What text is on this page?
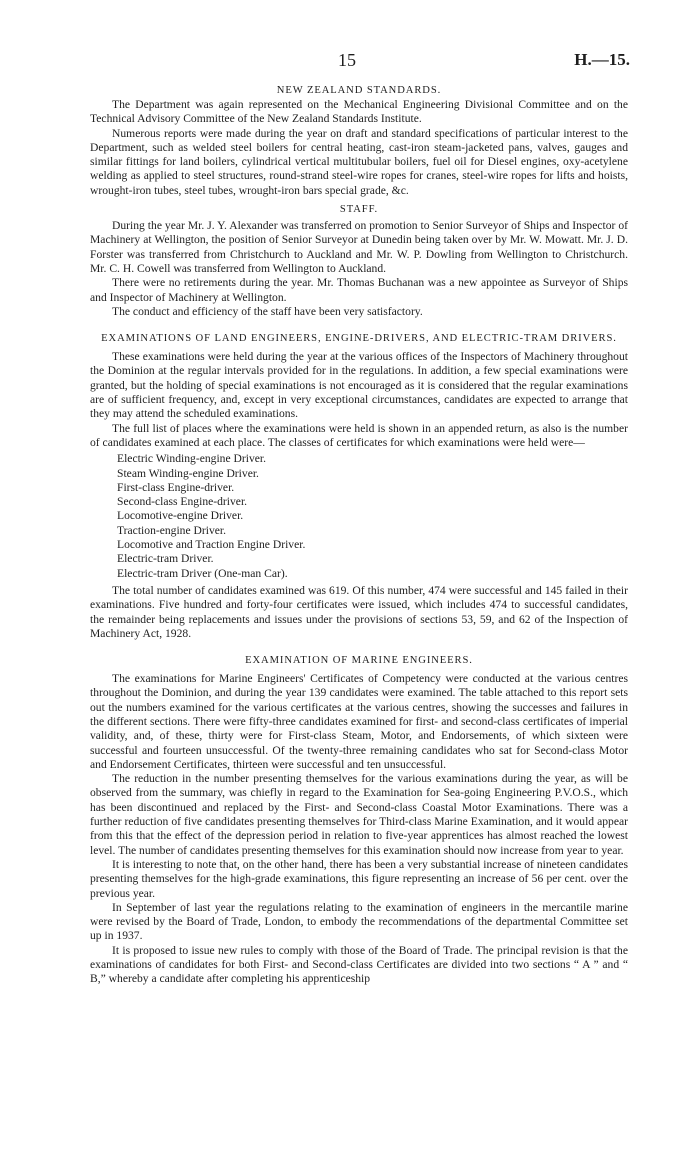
15	H.—15.
NEW ZEALAND STANDARDS.

The Department was again represented on the Mechanical Engineering Divisional Committee and on the Technical Advisory Committee of the New Zealand Standards Institute.

Numerous reports were made during the year on draft and standard specifications of particular interest to the Department, such as welded steel boilers for central heating, cast-iron steam-jacketed pans, valves, gauges and similar fittings for land boilers, cylindrical vertical multitubular boilers, fuel oil for Diesel engines, oxy-acetylene welding as applied to steel structures, round-strand steel-wire ropes for cranes, steel-wire ropes for lifts and hoists, wrought-iron tubes, steel tubes, wrought-iron bars special grade, &c.

STAFF.

During the year Mr. J. Y. Alexander was transferred on promotion to Senior Surveyor of Ships and Inspector of Machinery at Wellington, the position of Senior Surveyor at Dunedin being taken over by Mr. W. Mowatt. Mr. J. D. Forster was transferred from Christchurch to Auckland and Mr. W. P. Dowling from Wellington to Christchurch. Mr. C. H. Cowell was transferred from Wellington to Auckland.

There were no retirements during the year. Mr. Thomas Buchanan was a new appointee as Surveyor of Ships and Inspector of Machinery at Wellington.

The conduct and efficiency of the staff have been very satisfactory.

EXAMINATIONS OF LAND ENGINEERS, ENGINE-DRIVERS, AND ELECTRIC-TRAM DRIVERS.

These examinations were held during the year at the various offices of the Inspectors of Machinery throughout the Dominion at the regular intervals provided for in the regulations. In addition, a few special examinations were granted, but the holding of special examinations is not encouraged as it is considered that the regular examinations are of sufficient frequency, and, except in very exceptional circumstances, candidates are expected to arrange that they may attend the scheduled examinations.

The full list of places where the examinations were held is shown in an appended return, as also is the number of candidates examined at each place. The classes of certificates for which examinations were held were—

Electric Winding-engine Driver.
Steam Winding-engine Driver.
First-class Engine-driver.
Second-class Engine-driver.
Locomotive-engine Driver.
Traction-engine Driver.
Locomotive and Traction Engine Driver.
Electric-tram Driver.
Electric-tram Driver (One-man Car).

The total number of candidates examined was 619. Of this number, 474 were successful and 145 failed in their examinations. Five hundred and forty-four certificates were issued, which includes 474 to successful candidates, the remainder being replacements and issues under the provisions of sections 53, 59, and 62 of the Inspection of Machinery Act, 1928.

EXAMINATION OF MARINE ENGINEERS.

The examinations for Marine Engineers' Certificates of Competency were conducted at the various centres throughout the Dominion, and during the year 139 candidates were examined. The table attached to this report sets out the numbers examined for the various certificates at the various centres, showing the successes and failures in the different sections. There were fifty-three candidates examined for first- and second-class certificates of imperial validity, and, of these, thirty were for First-class Steam, Motor, and Endorsements, of which sixteen were successful and fourteen unsuccessful. Of the twenty-three remaining candidates who sat for Second-class Motor and Endorsement Certificates, thirteen were successful and ten unsuccessful.

The reduction in the number presenting themselves for the various examinations during the year, as will be observed from the summary, was chiefly in regard to the Examination for Sea-going Engineering P.V.O.S., which has been discontinued and replaced by the First- and Second-class Coastal Motor Examinations. There was a further reduction of five candidates presenting themselves for Third-class Marine Examination, and it would appear from this that the effect of the depression period in relation to five-year apprentices has almost reached the lowest level. The number of candidates presenting themselves for this examination should now increase from year to year.

It is interesting to note that, on the other hand, there has been a very substantial increase of nineteen candidates presenting themselves for the high-grade examinations, this figure representing an increase of 56 per cent. over the previous year.

In September of last year the regulations relating to the examination of engineers in the mercantile marine were revised by the Board of Trade, London, to embody the recommendations of the departmental Committee set up in 1937.

It is proposed to issue new rules to comply with those of the Board of Trade. The principal revision is that the examinations of candidates for both First- and Second-class Certificates are divided into two sections “ A ” and “ B,” whereby a candidate after completing his apprenticeship
